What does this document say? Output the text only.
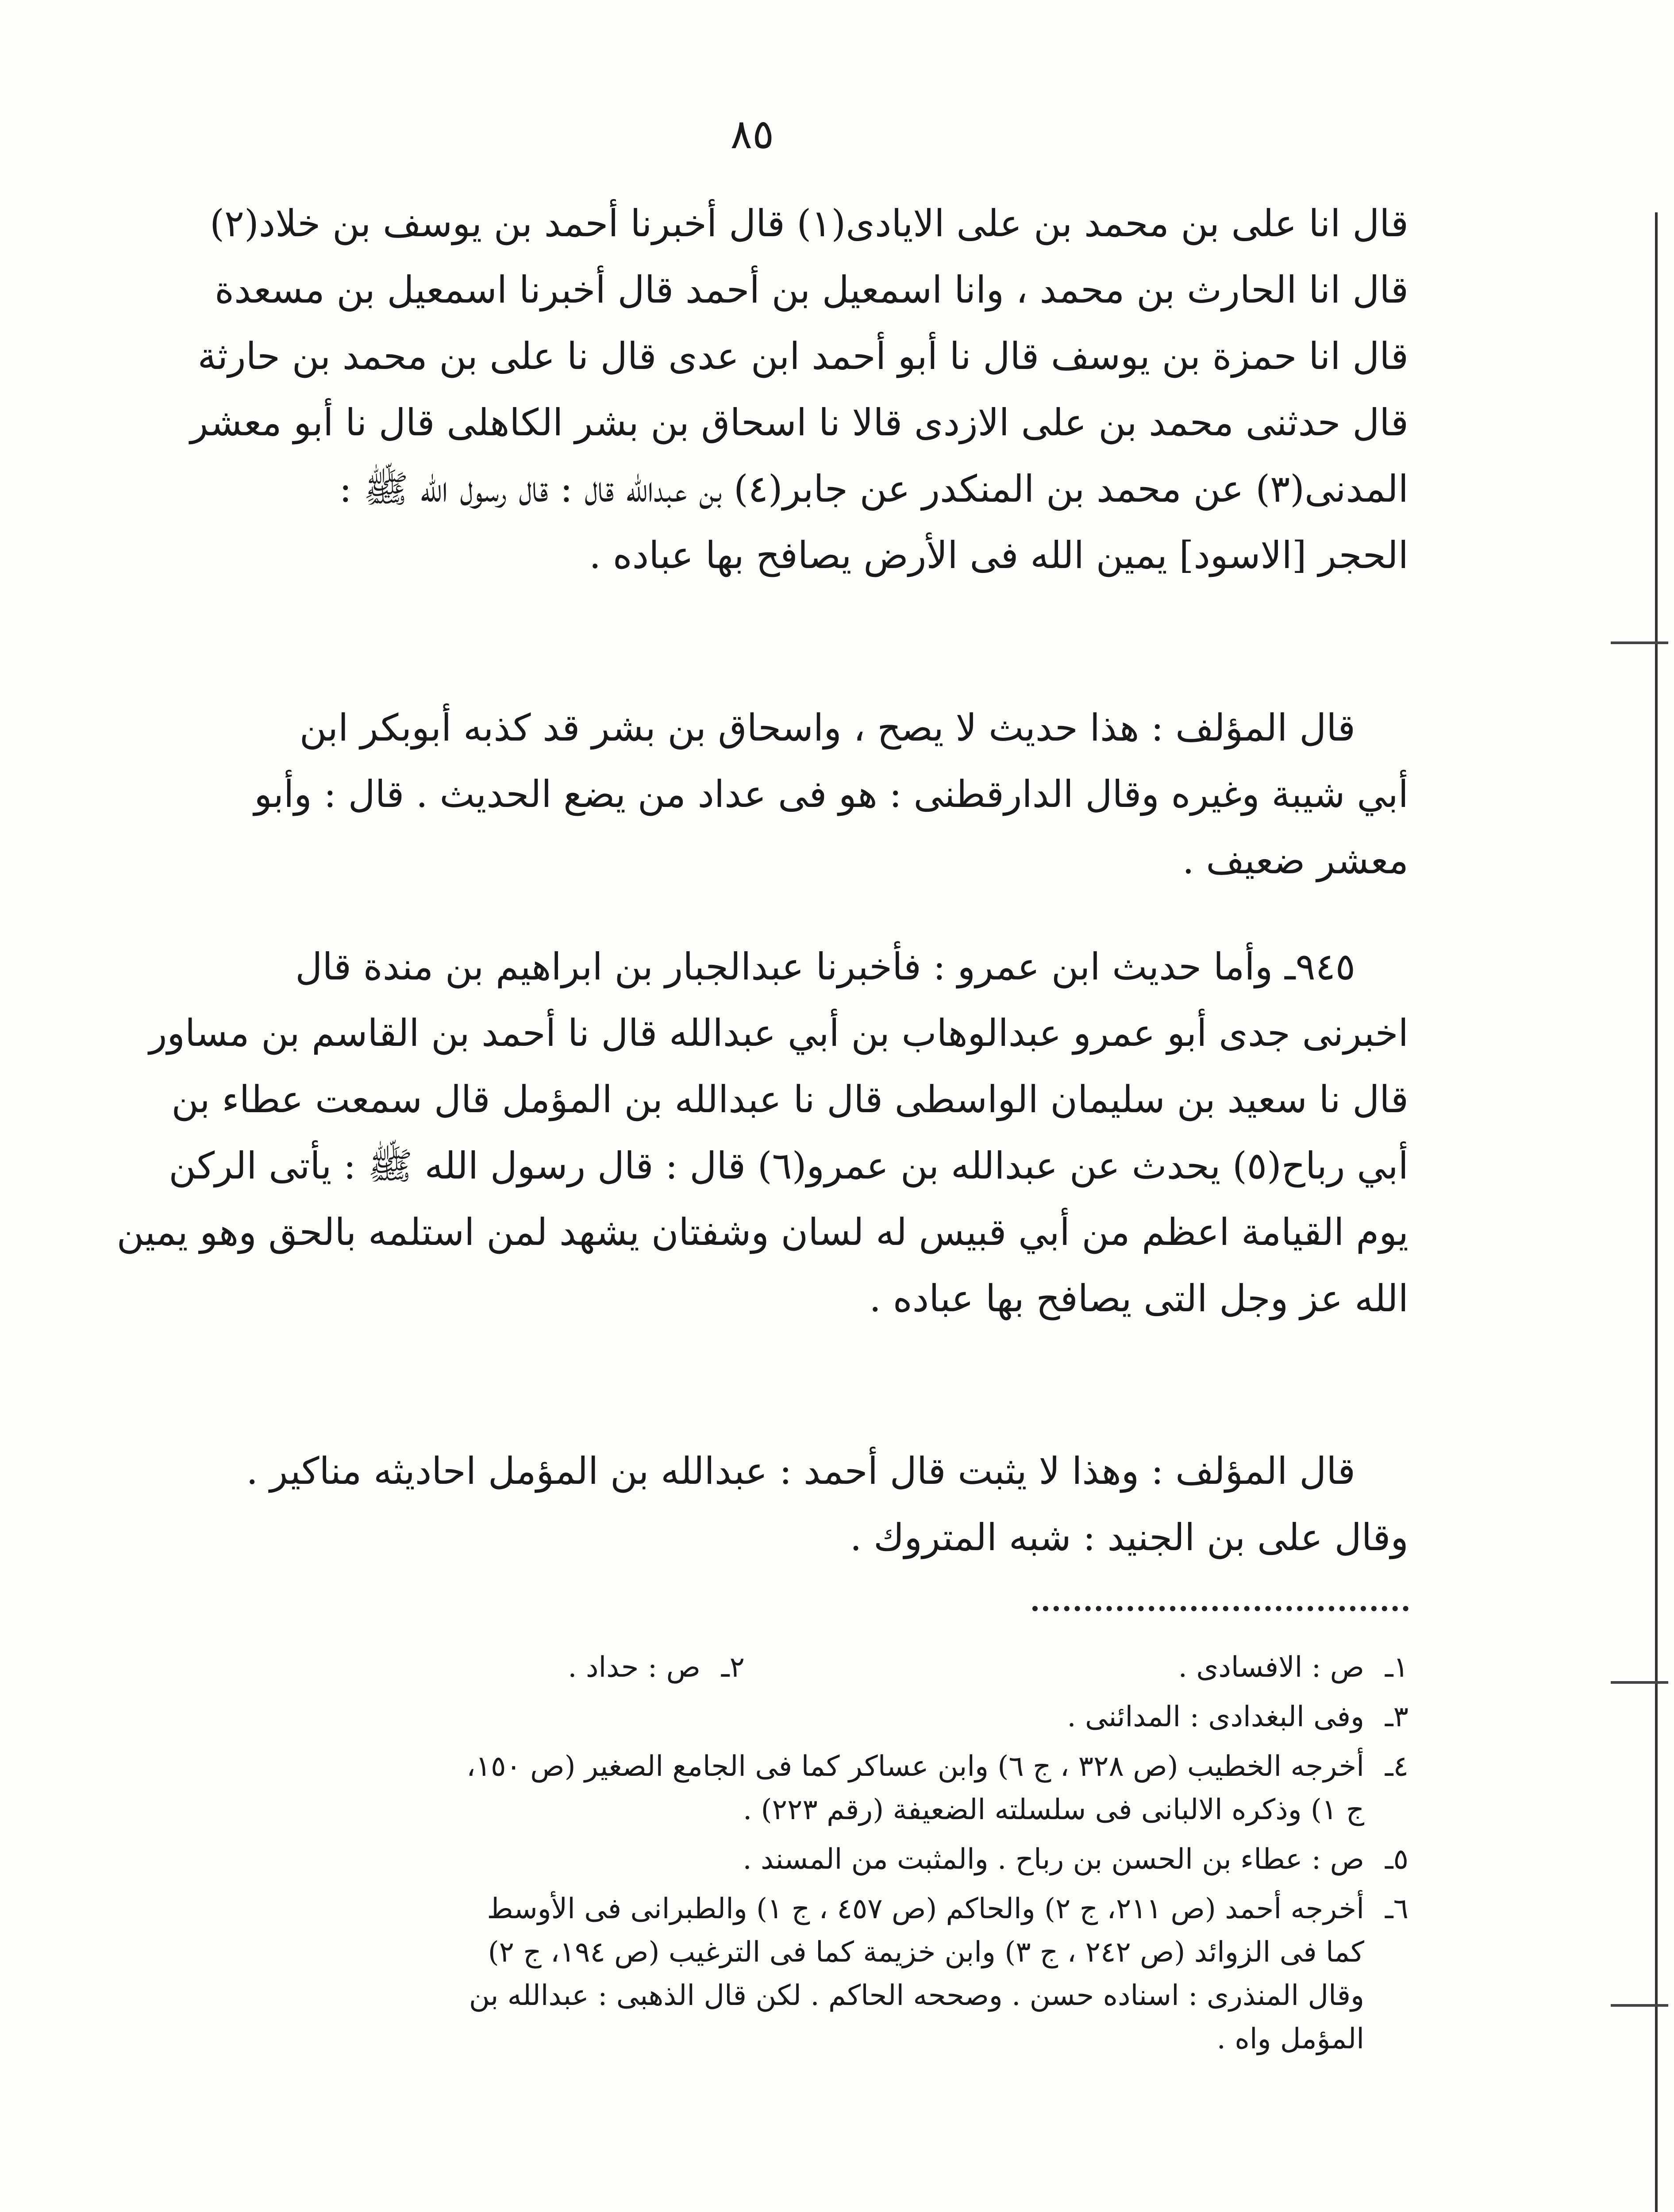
٨٥
قال انا على بن محمد بن على الايادى(١) قال أخبرنا أحمد بن يوسف بن خلاد(٢)
قال انا الحارث بن محمد ، وانا اسمعيل بن أحمد قال أخبرنا اسمعيل بن مسعدة
قال انا حمزة بن يوسف قال نا أبو أحمد ابن عدى قال نا على بن محمد بن حارثة
قال حدثنى محمد بن على الازدى قالا نا اسحاق بن بشر الكاهلى قال نا أبو معشر
المدنى(٣) عن محمد بن المنكدر عن جابر(٤) بن عبدالله قال : قال رسول الله ﷺ :
الحجر [الاسود] يمين الله فى الأرض يصافح بها عباده .
قال المؤلف : هذا حديث لا يصح ، واسحاق بن بشر قد كذبه أبوبكر ابن
أبي شيبة وغيره وقال الدارقطنى : هو فى عداد من يضع الحديث . قال : وأبو
معشر ضعيف .
٩٤٥ـ وأما حديث ابن عمرو : فأخبرنا عبدالجبار بن ابراهيم بن مندة قال
اخبرنى جدى أبو عمرو عبدالوهاب بن أبي عبدالله قال نا أحمد بن القاسم بن مساور
قال نا سعيد بن سليمان الواسطى قال نا عبدالله بن المؤمل قال سمعت عطاء بن
أبي رباح(٥) يحدث عن عبدالله بن عمرو(٦) قال : قال رسول الله ﷺ : يأتى الركن
يوم القيامة اعظم من أبي قبيس له لسان وشفتان يشهد لمن استلمه بالحق وهو يمين
الله عز وجل التى يصافح بها عباده .
قال المؤلف : وهذا لا يثبت قال أحمد : عبدالله بن المؤمل احاديثه مناكير .
وقال على بن الجنيد : شبه المتروك .
١ـ
ص : الافسادى .
٢ـ
ص : حداد .
٣ـ
وفى البغدادى : المدائنى .
٤ـ
أخرجه الخطيب (ص ٣٢٨ ، ج ٦) وابن عساكر كما فى الجامع الصغير (ص ١٥٠،
ج ١) وذكره الالبانى فى سلسلته الضعيفة (رقم ٢٢٣) .
٥ـ
ص : عطاء بن الحسن بن رباح . والمثبت من المسند .
٦ـ
أخرجه أحمد (ص ٢١١، ج ٢) والحاكم (ص ٤٥٧ ، ج ١) والطبرانى فى الأوسط
كما فى الزوائد (ص ٢٤٢ ، ج ٣) وابن خزيمة كما فى الترغيب (ص ١٩٤، ج ٢)
وقال المنذرى : اسناده حسن . وصححه الحاكم . لكن قال الذهبى : عبدالله بن
المؤمل واه .
